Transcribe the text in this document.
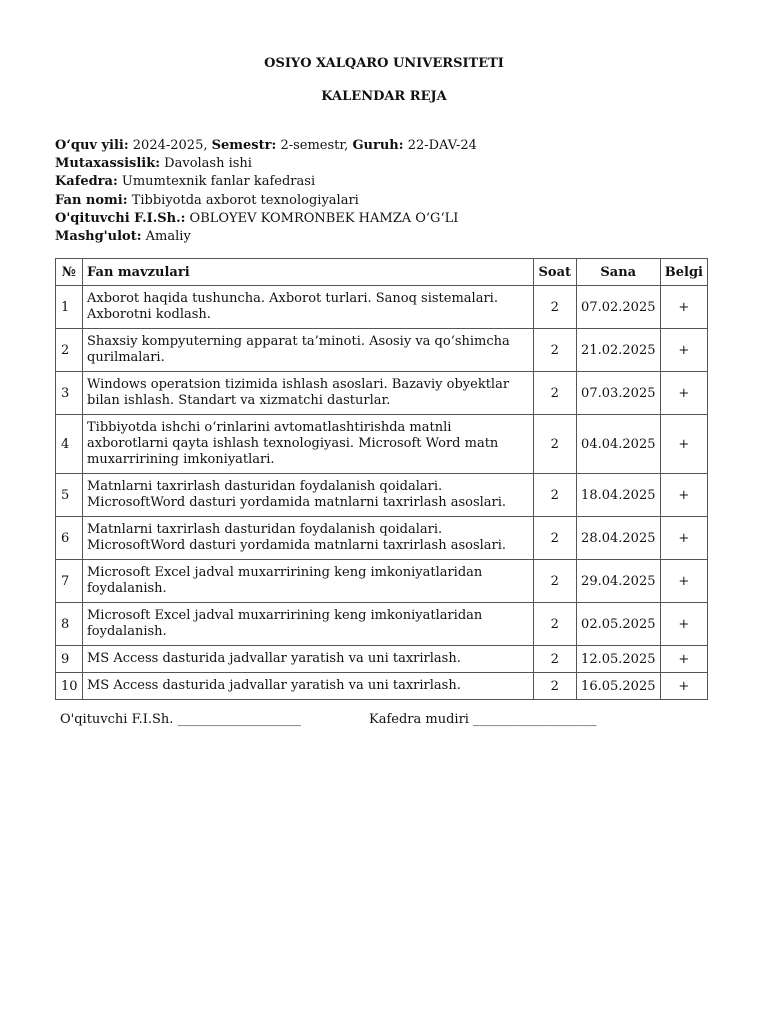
OSIYO XALQARO UNIVERSITETI
KALENDAR REJA
O‘quv yili: 2024-2025, Semestr: 2-semestr, Guruh: 22-DAV-24
Mutaxassislik: Davolash ishi
Kafedra: Umumtexnik fanlar kafedrasi
Fan nomi: Tibbiyotda axborot texnologiyalari
O'qituvchi F.I.Sh.: OBLOYEV KOMRONBEK HAMZA O‘G‘LI
Mashg'ulot: Amaliy
№	Fan mavzulari	Soat	Sana	Belgi
1	Axborot haqida tushuncha. Axborot turlari. Sanoq sistemalari. Axborotni kodlash.	2	07.02.2025	+
2	Shaxsiy kompyuterning apparat ta’minoti. Asosiy va qo‘shimcha qurilmalari.	2	21.02.2025	+
3	Windows operatsion tizimida ishlash asoslari. Bazaviy obyektlar bilan ishlash. Standart va xizmatchi dasturlar.	2	07.03.2025	+
4	Tibbiyotda ishchi o‘rinlarini avtomatlashtirishda matnli axborotlarni qayta ishlash texnologiyasi. Microsoft Word matn muxarririning imkoniyatlari.	2	04.04.2025	+
5	Matnlarni taxrirlash dasturidan foydalanish qoidalari. MicrosoftWord dasturi yordamida matnlarni taxrirlash asoslari.	2	18.04.2025	+
6	Matnlarni taxrirlash dasturidan foydalanish qoidalari. MicrosoftWord dasturi yordamida matnlarni taxrirlash asoslari.	2	28.04.2025	+
7	Microsoft Excel jadval muxarririning keng imkoniyatlaridan foydalanish.	2	29.04.2025	+
8	Microsoft Excel jadval muxarririning keng imkoniyatlaridan foydalanish.	2	02.05.2025	+
9	MS Access dasturida jadvallar yaratish va uni taxrirlash.	2	12.05.2025	+
10	MS Access dasturida jadvallar yaratish va uni taxrirlash.	2	16.05.2025	+
O'qituvchi F.I.Sh. ___________________	Kafedra mudiri ___________________
